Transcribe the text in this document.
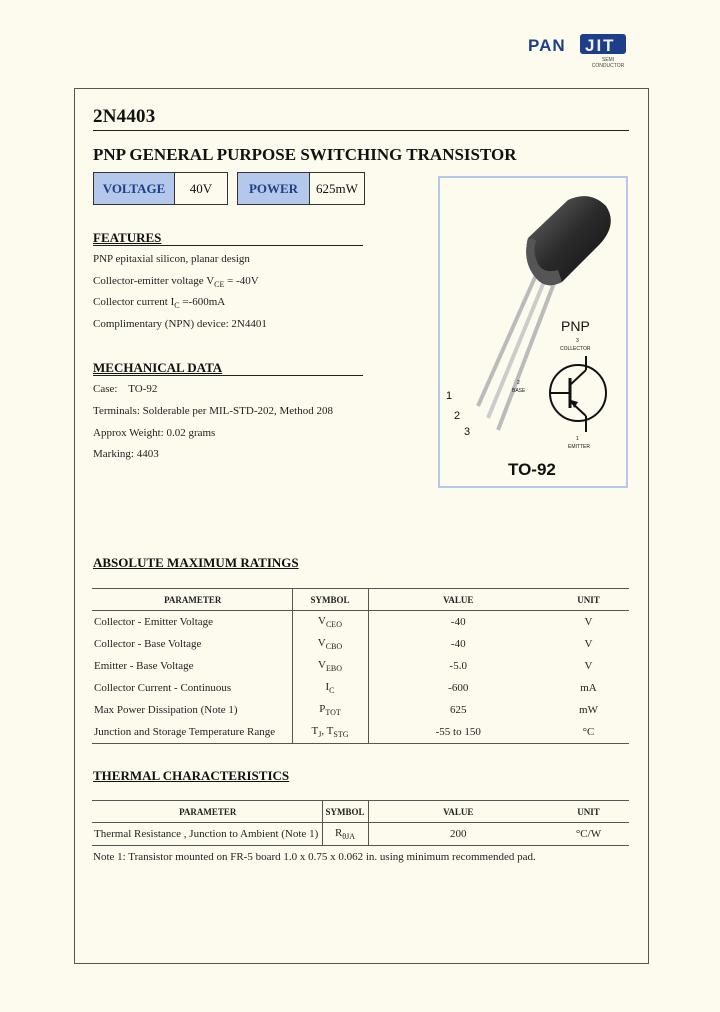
PAN JIT
SEMI
CONDUCTOR
2N4403
PNP GENERAL PURPOSE SWITCHING TRANSISTOR
VOLTAGE	40V	POWER	625mW
FEATURES
PNP epitaxial silicon, planar design
Collector-emitter voltage $V_{CE} = -40V$
Collector current $I_C =-600mA$
Complimentary (NPN) device: 2N4401
MECHANICAL DATA
Case:    TO-92
Terminals: Solderable per MIL-STD-202, Method 208
Approx Weight: 0.02 grams
Marking: 4403
1
2
3
PNP
3
COLLECTOR
2
BASE
1
EMITTER
TO-92
ABSOLUTE MAXIMUM RATINGS
PARAMETER	SYMBOL	VALUE	UNIT
Collector - Emitter Voltage	$V_{CEO}$	-40	V
Collector - Base Voltage	$V_{CBO}$	-40	V
Emitter - Base Voltage	$V_{EBO}$	-5.0	V
Collector Current - Continuous	$I_C$	-600	mA
Max Power Dissipation (Note 1)	$P_{TOT}$	625	mW
Junction and Storage Temperature Range	$T_J$, $T_{STG}$	-55 to 150	°C
THERMAL CHARACTERISTICS
PARAMETER	SYMBOL	VALUE	UNIT
Thermal Resistance , Junction to Ambient (Note 1)	$R_{\theta JA}$	200	°C/W
Note 1: Transistor mounted on FR-5 board 1.0 x 0.75 x 0.062 in. using minimum recommended pad.
